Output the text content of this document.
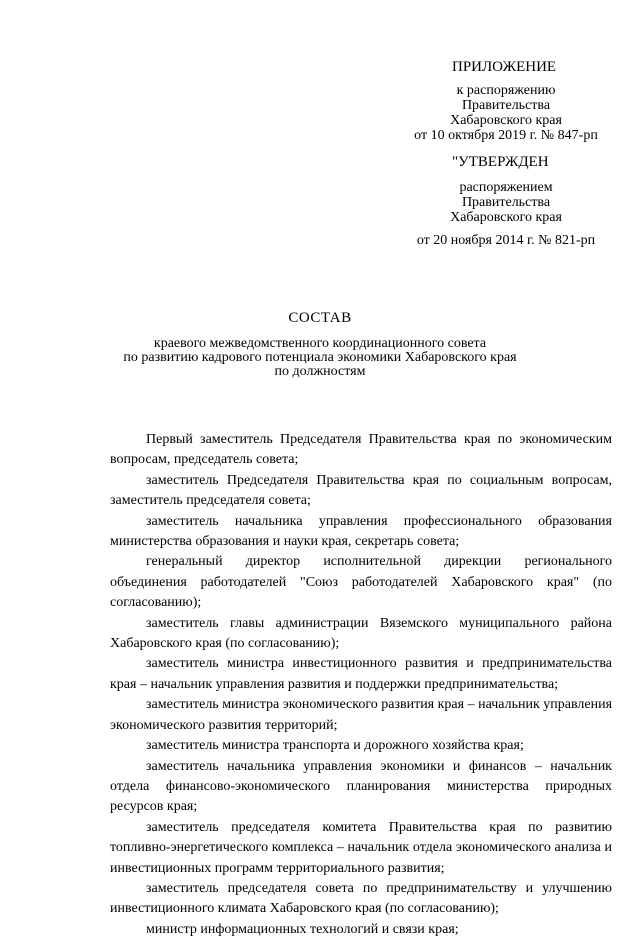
ПРИЛОЖЕНИЕ
к распоряжению
Правительства
Хабаровского края
от 10 октября 2019 г. № 847-рп
"УТВЕРЖДЕН
распоряжением
Правительства
Хабаровского края
от 20 ноября 2014 г. № 821-рп
СОСТАВ
краевого межведомственного координационного совета
по развитию кадрового потенциала экономики Хабаровского края
по должностям

Первый заместитель Председателя Правительства края по экономическим вопросам, председатель совета;

заместитель Председателя Правительства края по социальным вопросам, заместитель председателя совета;

заместитель начальника управления профессионального образования министерства образования и науки края, секретарь совета;

генеральный директор исполнительной дирекции регионального объединения работодателей "Союз работодателей Хабаровского края" (по согласованию);

заместитель главы администрации Вяземского муниципального района Хабаровского края (по согласованию);

заместитель министра инвестиционного развития и предпринимательства края – начальник управления развития и поддержки предпринимательства;

заместитель министра экономического развития края – начальник управления экономического развития территорий;

заместитель министра транспорта и дорожного хозяйства края;

заместитель начальника управления экономики и финансов – начальник отдела финансово-экономического планирования министерства природных ресурсов края;

заместитель председателя комитета Правительства края по развитию топливно-энергетического комплекса – начальник отдела экономического анализа и инвестиционных программ территориального развития;

заместитель председателя совета по предпринимательству и улучшению инвестиционного климата Хабаровского края (по согласованию);

министр информационных технологий и связи края;
